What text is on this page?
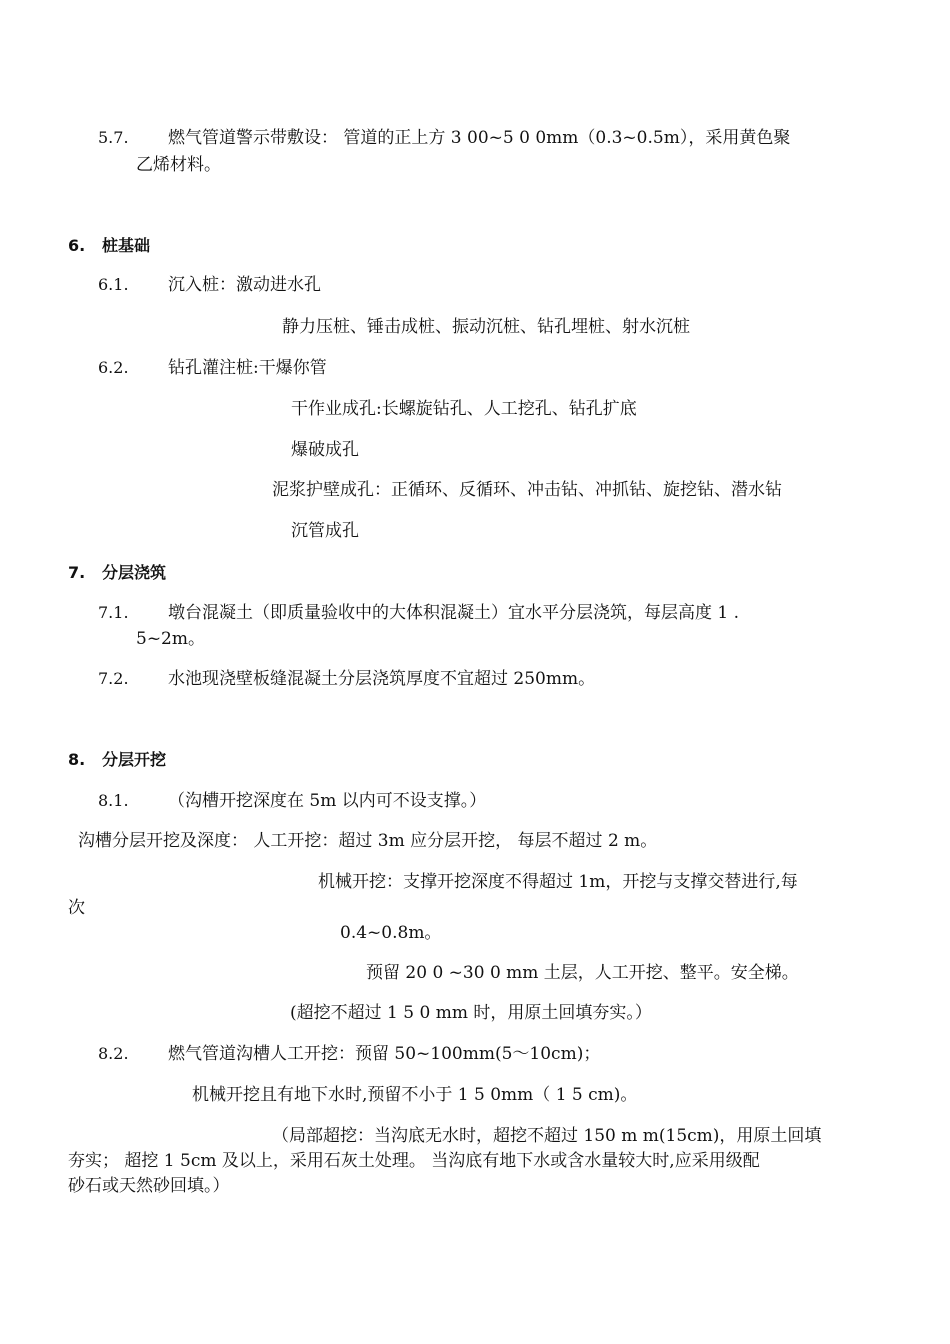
5.7. 燃气管道警示带敷设： 管道的正上方 3 00~5 0 0mm（0.3~0.5m），采用黄色聚
乙烯材料。
6. 桩基础
6.1. 沉入桩：激动进水孔
静力压桩、锤击成桩、振动沉桩、钻孔埋桩、射水沉桩
6.2. 钻孔灌注桩:干爆你管
干作业成孔:长螺旋钻孔、人工挖孔、钻孔扩底
爆破成孔
泥浆护壁成孔：正循环、反循环、冲击钻、冲抓钻、旋挖钻、潜水钻
沉管成孔
7. 分层浇筑
7.1. 墩台混凝土（即质量验收中的大体积混凝土）宜水平分层浇筑，每层高度 1 .
5~2m。
7.2. 水池现浇壁板缝混凝土分层浇筑厚度不宜超过 250mm。
8. 分层开挖
8.1. （沟槽开挖深度在 5m 以内可不设支撑。）
沟槽分层开挖及深度： 人工开挖：超过 3m 应分层开挖， 每层不超过 2 m。
机械开挖：支撑开挖深度不得超过 1m，开挖与支撑交替进行,每
次
0.4~0.8m。
预留 20 0 ~30 0 mm 土层，人工开挖、整平。安全梯。
(超挖不超过 1 5 0 mm 时，用原土回填夯实。）
8.2. 燃气管道沟槽人工开挖：预留 50~100mm(5～10cm)；
机械开挖且有地下水时,预留不小于 1 5 0mm（ 1 5 cm)。
（局部超挖：当沟底无水时，超挖不超过 150 m m(15cm)，用原土回填
夯实； 超挖 1 5cm 及以上，采用石灰土处理。 当沟底有地下水或含水量较大时,应采用级配
砂石或天然砂回填。）
